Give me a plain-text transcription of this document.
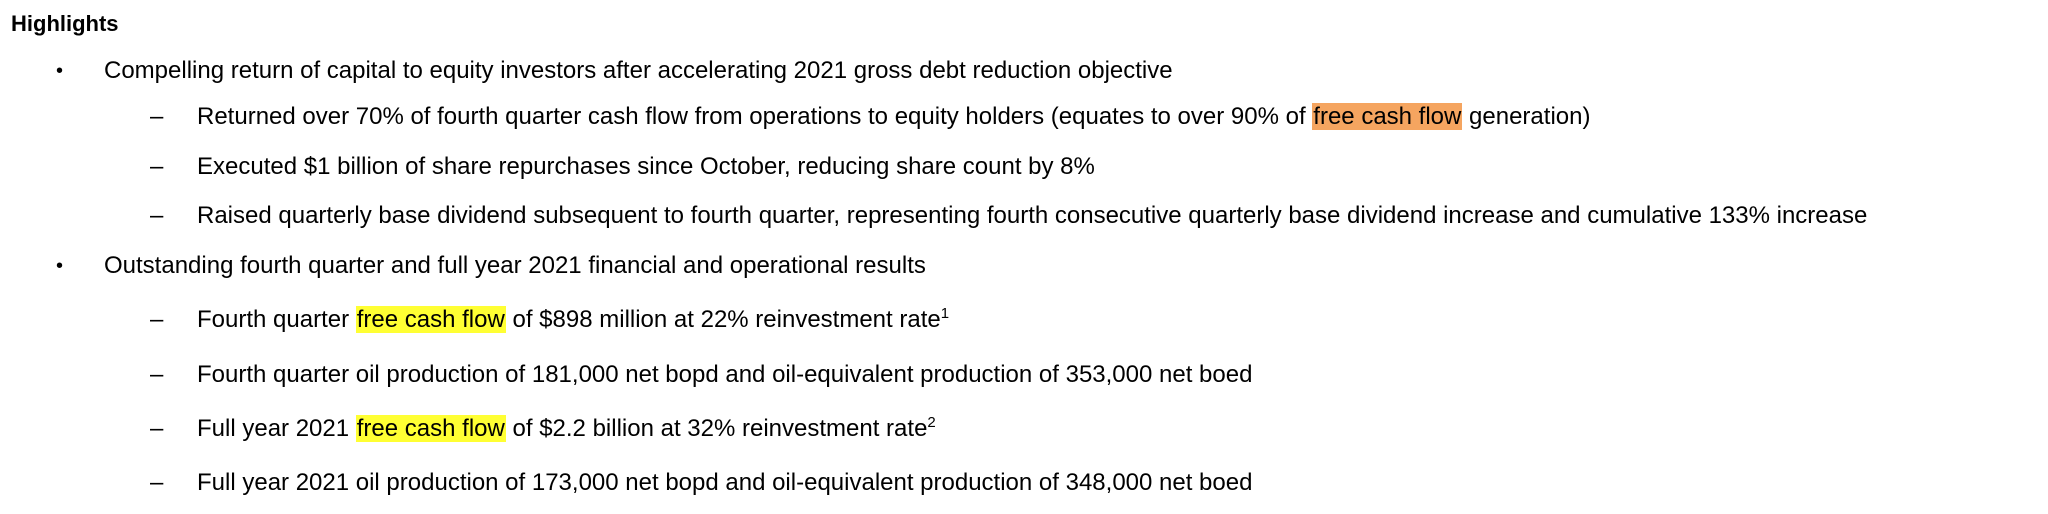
Highlights
• Compelling return of capital to equity investors after accelerating 2021 gross debt reduction objective
– Returned over 70% of fourth quarter cash flow from operations to equity holders (equates to over 90% of free cash flow generation)
– Executed $1 billion of share repurchases since October, reducing share count by 8%
– Raised quarterly base dividend subsequent to fourth quarter, representing fourth consecutive quarterly base dividend increase and cumulative 133% increase
• Outstanding fourth quarter and full year 2021 financial and operational results
– Fourth quarter free cash flow of $898 million at 22% reinvestment rate$^1$
– Fourth quarter oil production of 181,000 net bopd and oil-equivalent production of 353,000 net boed
– Full year 2021 free cash flow of $2.2 billion at 32% reinvestment rate$^2$
– Full year 2021 oil production of 173,000 net bopd and oil-equivalent production of 348,000 net boed
